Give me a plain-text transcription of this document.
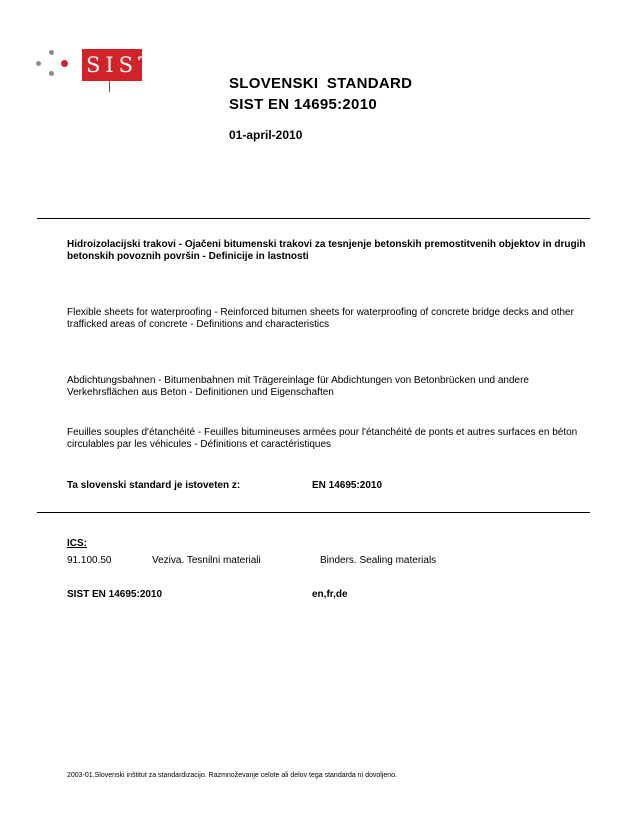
SIST
SLOVENSKI STANDARD
SIST EN 14695:2010
01-april-2010
Hidroizolacijski trakovi - Ojačeni bitumenski trakovi za tesnjenje betonskih premostitvenih objektov in drugih betonskih povoznih površin - Definicije in lastnosti
Flexible sheets for waterproofing - Reinforced bitumen sheets for waterproofing of concrete bridge decks and other trafficked areas of concrete - Definitions and characteristics
Abdichtungsbahnen - Bitumenbahnen mit Trägereinlage für Abdichtungen von Betonbrücken und andere Verkehrsflächen aus Beton - Definitionen und Eigenschaften
Feuilles souples d'étanchéité - Feuilles bitumineuses armées pour l'étanchéité de ponts et autres surfaces en béton circulables par les véhicules - Définitions et caractéristiques
Ta slovenski standard je istoveten z:	EN 14695:2010
ICS:
91.100.50	Veziva. Tesnilni materiali	Binders. Sealing materials
SIST EN 14695:2010	en,fr,de
2003-01.Slovenski inštitut za standardizacijo. Razmnoževanje celote ali delov tega standarda ni dovoljeno.
